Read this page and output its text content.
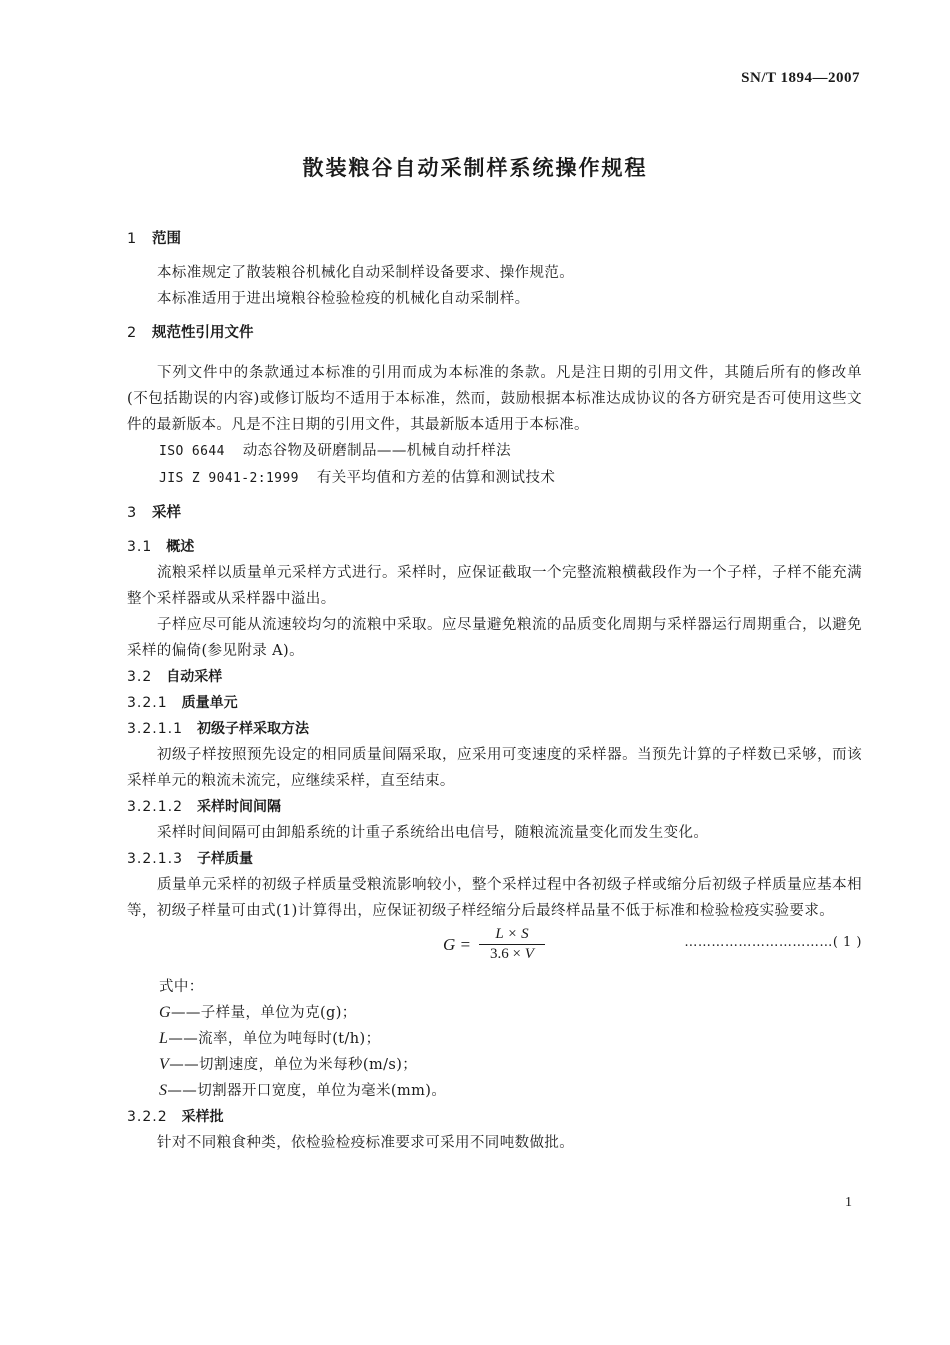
SN/T 1894—2007
散装粮谷自动采制样系统操作规程
1 范围

本标准规定了散装粮谷机械化自动采制样设备要求、操作规范。

本标准适用于进出境粮谷检验检疫的机械化自动采制样。

2 规范性引用文件

下列文件中的条款通过本标准的引用而成为本标准的条款。凡是注日期的引用文件，其随后所有的修改单(不包括勘误的内容)或修订版均不适用于本标准，然而，鼓励根据本标准达成协议的各方研究是否可使用这些文件的最新版本。凡是不注日期的引用文件，其最新版本适用于本标准。

ISO 6644 动态谷物及研磨制品——机械自动扦样法

JIS Z 9041-2:1999 有关平均值和方差的估算和测试技术

3 采样
3.1 概述

流粮采样以质量单元采样方式进行。采样时，应保证截取一个完整流粮横截段作为一个子样，子样不能充满整个采样器或从采样器中溢出。

子样应尽可能从流速较均匀的流粮中采取。应尽量避免粮流的品质变化周期与采样器运行周期重合，以避免采样的偏倚(参见附录 A)。

3.2 自动采样
3.2.1 质量单元
3.2.1.1 初级子样采取方法

初级子样按照预先设定的相同质量间隔采取，应采用可变速度的采样器。当预先计算的子样数已采够，而该采样单元的粮流未流完，应继续采样，直至结束。

3.2.1.2 采样时间间隔

采样时间间隔可由卸船系统的计重子系统给出电信号，随粮流流量变化而发生变化。

3.2.1.3 子样质量

质量单元采样的初级子样质量受粮流影响较小，整个采样过程中各初级子样或缩分后初级子样质量应基本相等，初级子样量可由式(1)计算得出，应保证初级子样经缩分后最终样品量不低于标准和检验检疫实验要求。

$G = \frac{L \times S}{3.6 \times V}$	……………………………( 1 )

式中：

G——子样量，单位为克(g)；

L——流率，单位为吨每时(t/h)；

V——切割速度，单位为米每秒(m/s)；

S——切割器开口宽度，单位为毫米(mm)。

3.2.2 采样批

针对不同粮食种类，依检验检疫标准要求可采用不同吨数做批。

1
